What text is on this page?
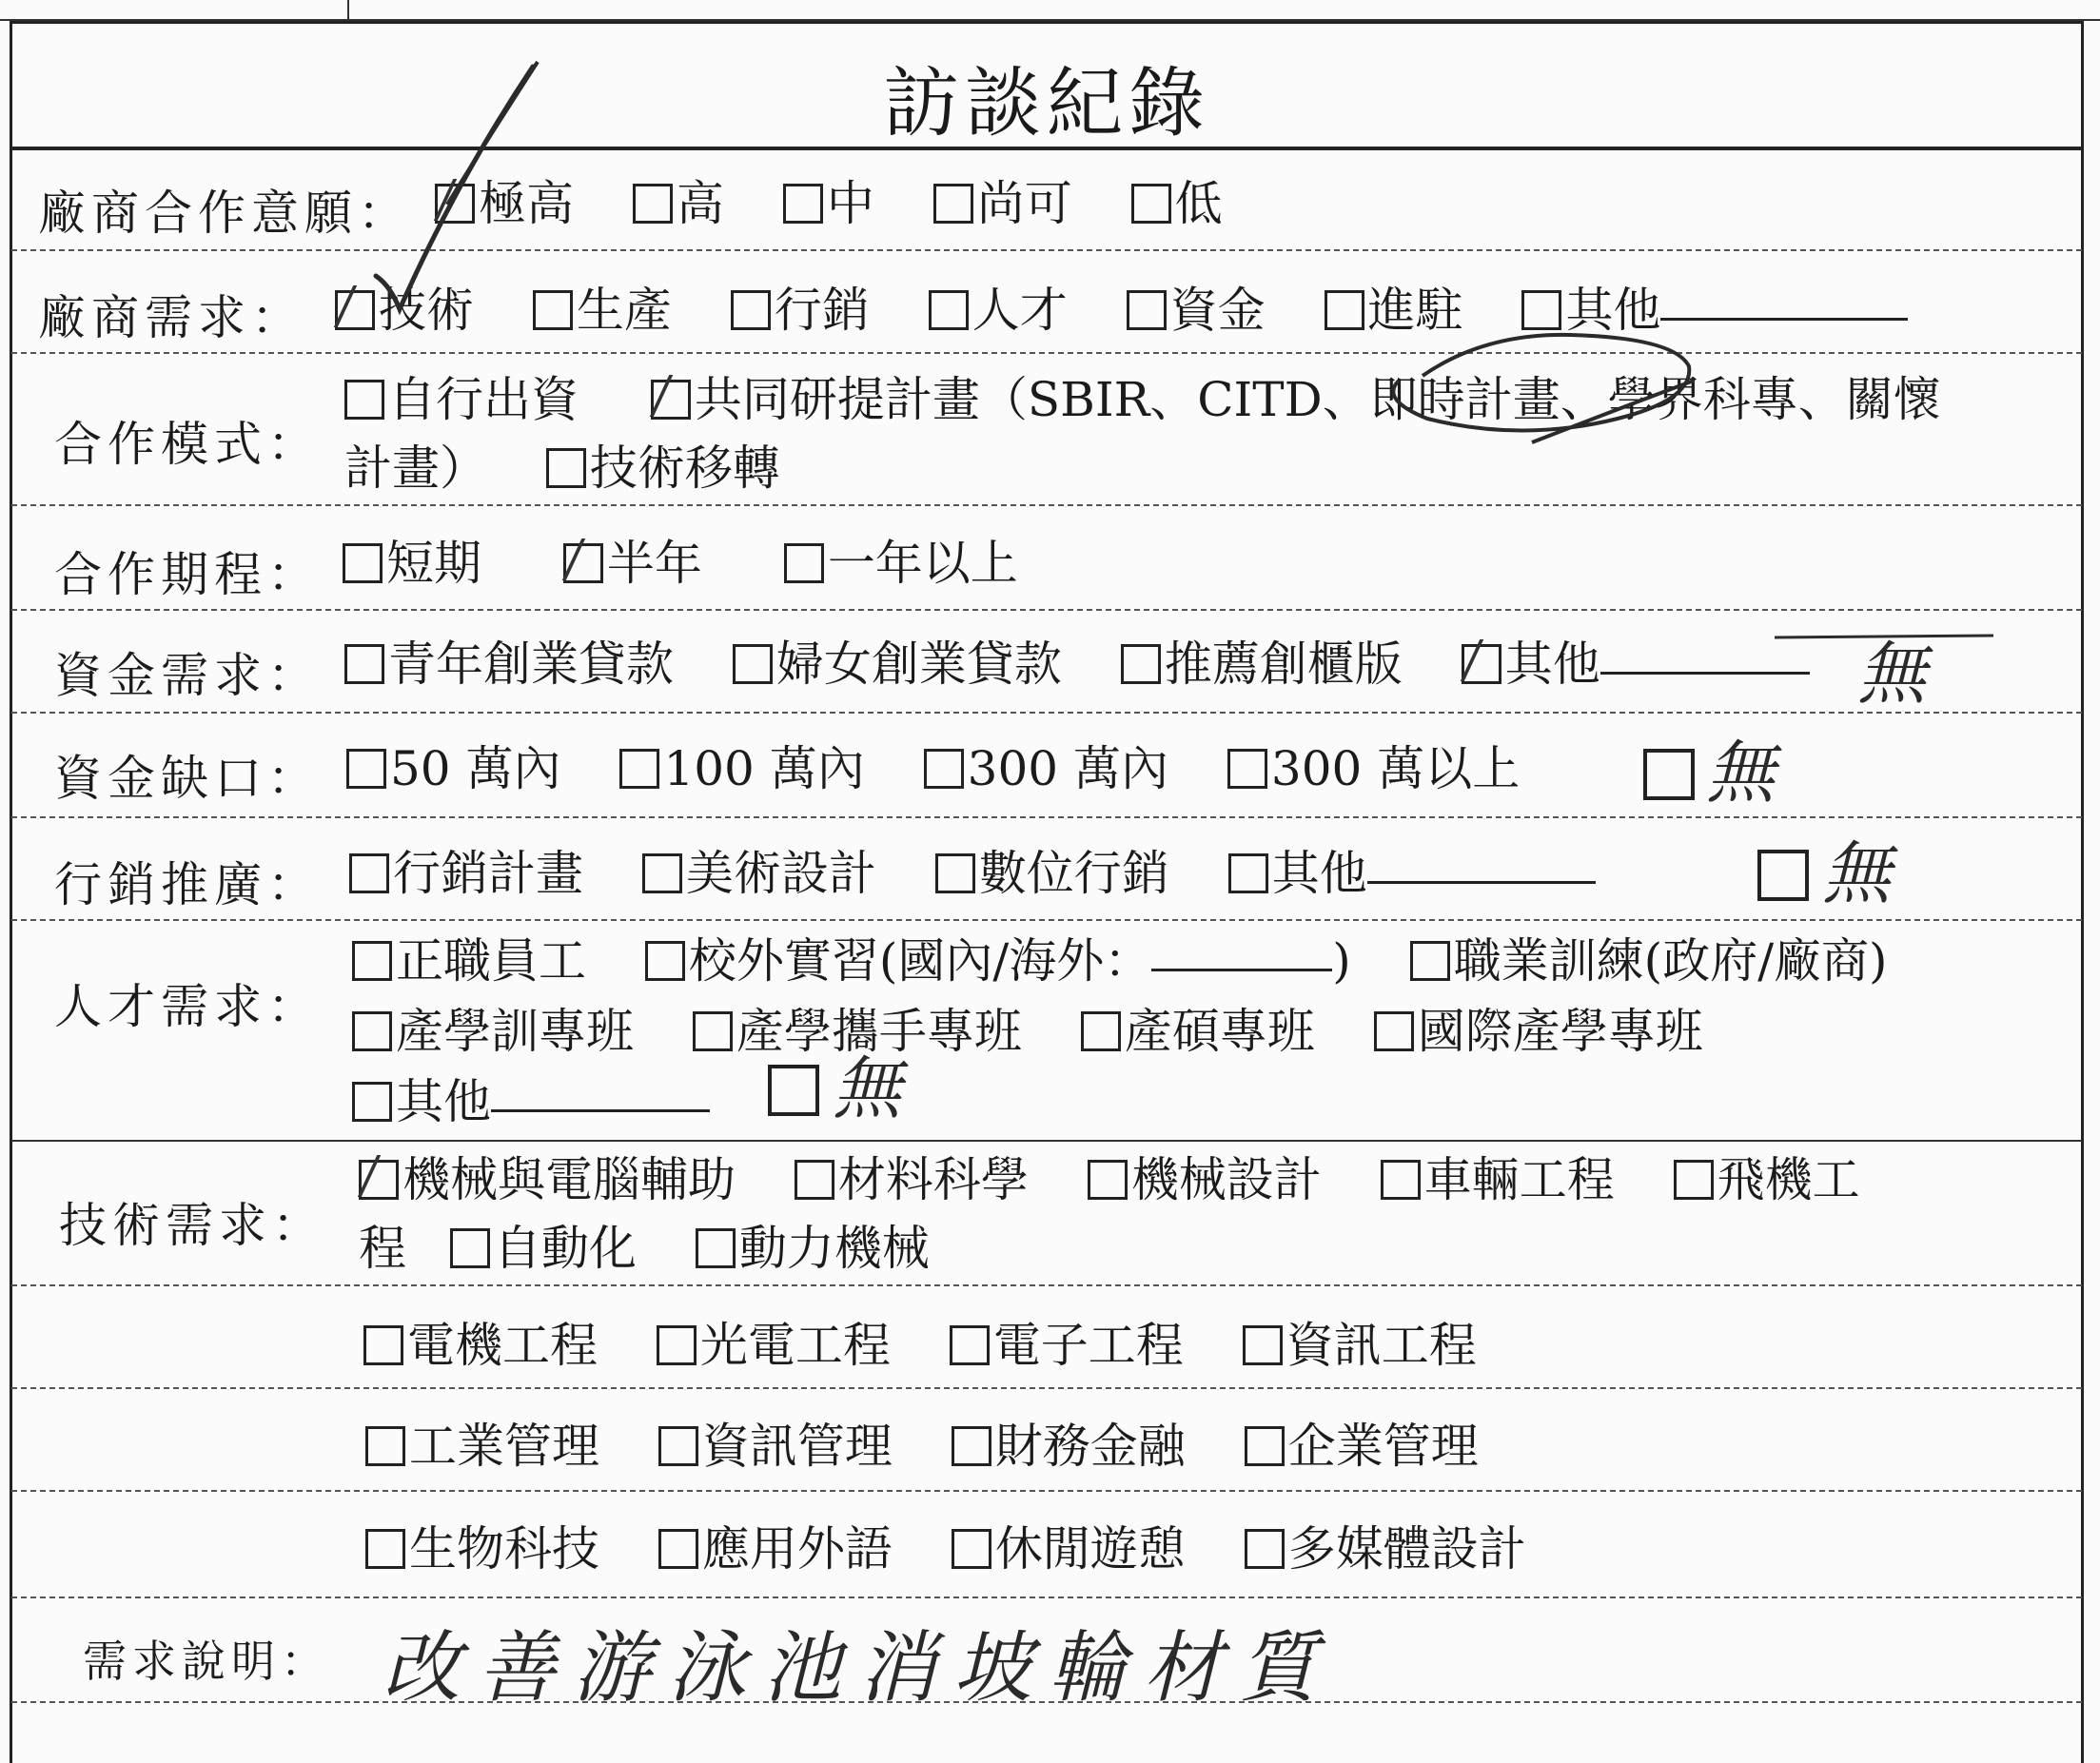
訪談紀錄
廠商合作意願：	極高 高 中 尚可 低
廠商需求：	技術 生產 行銷 人才 資金 進駐 其他
合作模式：
自行出資 共同研提計畫（SBIR、CITD、即時計畫、學界科專、關懷
計畫） 技術移轉
合作期程：	短期	半年	一年以上
資金需求：	青年創業貸款 婦女創業貸款 推薦創櫃版 其他	無
資金缺口：	50 萬內 100 萬內 300 萬內 300 萬以上	無
行銷推廣：	行銷計畫 美術設計 數位行銷 其他	無
人才需求：
正職員工 校外實習(國內/海外：	) 職業訓練(政府/廠商)
產學訓專班 產學攜手專班 產碩專班 國際產學專班
其他	無
技術需求：
機械與電腦輔助 材料科學 機械設計 車輛工程 飛機工
程 自動化 動力機械
電機工程 光電工程 電子工程 資訊工程
工業管理 資訊管理 財務金融 企業管理
生物科技 應用外語 休閒遊憩 多媒體設計
需求說明： 改善游泳池消坡輪材質
